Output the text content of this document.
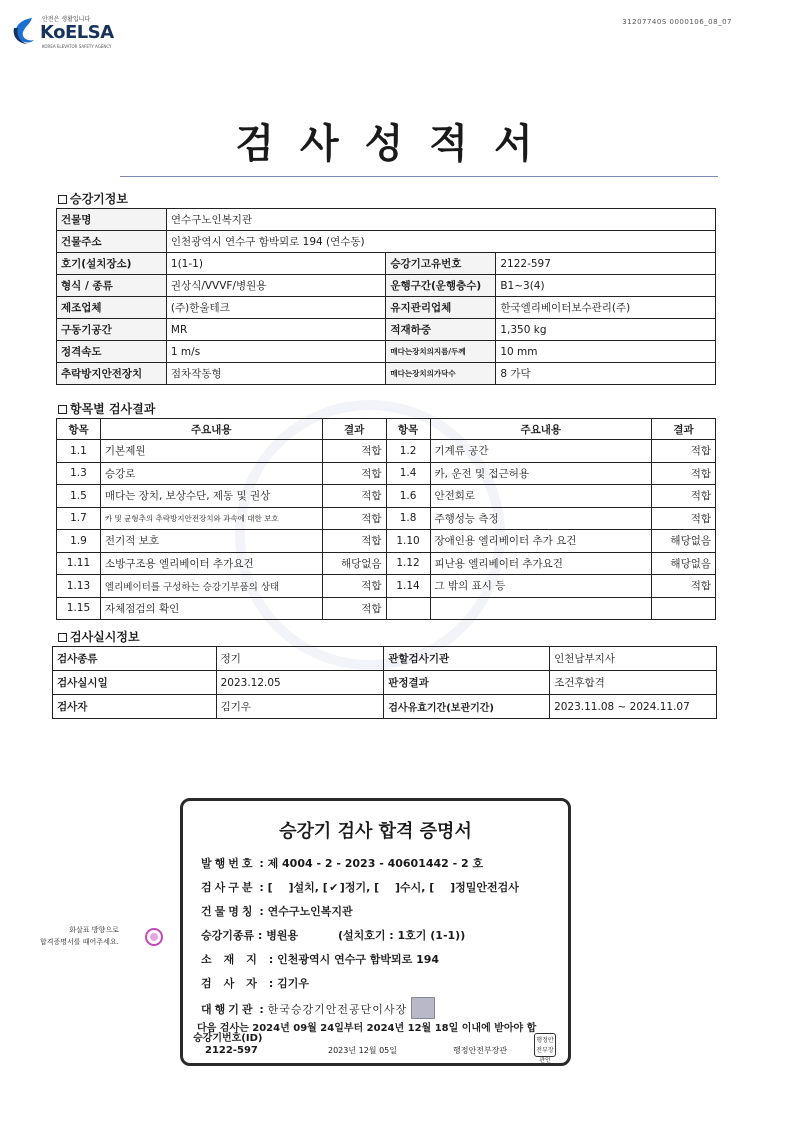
안전은 생활입니다
KoELSA
KOREA ELEVATOR SAFETY AGENCY
31207740S 0000106_08_07
검사성적서
승강기정보
건물명	연수구노인복지관		
건물주소	인천광역시 연수구 함박뫼로 194 (연수동)		
호기(설치장소)	1(1-1)	승강기고유번호	2122-597
형식 / 종류	권상식/VVVF/병원용	운행구간(운행층수)	B1~3(4)
제조업체	(주)한울테크	유지관리업체	한국엘리베이터보수관리(주)
구동기공간	MR	적재하중	1,350 kg
정격속도	1 m/s	매다는장치의지름/두께	10 mm
추락방지안전장치	점차작동형	매다는장치의가닥수	8 가닥
항목별 검사결과
항목	주요내용	결과	항목	주요내용	결과
1.1	기본제원	적합	1.2	기계류 공간	적합
1.3	승강로	적합	1.4	카, 운전 및 접근허용	적합
1.5	매다는 장치, 보상수단, 제동 및 권상	적합	1.6	안전회로	적합
1.7	카 및 균형추의 추락방지안전장치와 과속에 대한 보호	적합	1.8	주행성능 측정	적합
1.9	전기적 보호	적합	1.10	장애인용 엘리베이터 추가 요건	해당없음
1.11	소방구조용 엘리베이터 추가요건	해당없음	1.12	피난용 엘리베이터 추가요건	해당없음
1.13	엘리베이터를 구성하는 승강기부품의 상태	적합	1.14	그 밖의 표시 등	적합
1.15	자체점검의 확인	적합			
검사실시정보
검사종류	정기	관할검사기관	인천남부지사
검사실시일	2023.12.05	판정결과	조건후합격
검사자	김기우	검사유효기간(보관기간)	2023.11.08 ~ 2024.11.07
화살표 방향으로
합격증명서를 때어주세요.
승강기 검사 합격 증명서
발행번호 : 제 4004 - 2 - 2023 - 40601442 - 2 호
검사구분 : [ ]설치, [✔]정기, [ ]수시, [ ]정밀안전검사
건물명칭 : 연수구노인복지관
승강기종류 : 병원용	(설치호기 : 1호기 (1-1))
소재지: 인천광역시 연수구 함박뫼로 194
검사자: 김기우
대행기관 : 한국승강기안전공단이사장
다음 검사는 2024년 09월 24일부터 2024년 12월 18일 이내에 받아야 합
승강기번호(ID)
2122-597	2023년 12월 05일	행정안전부장관
행정안전부장관인
